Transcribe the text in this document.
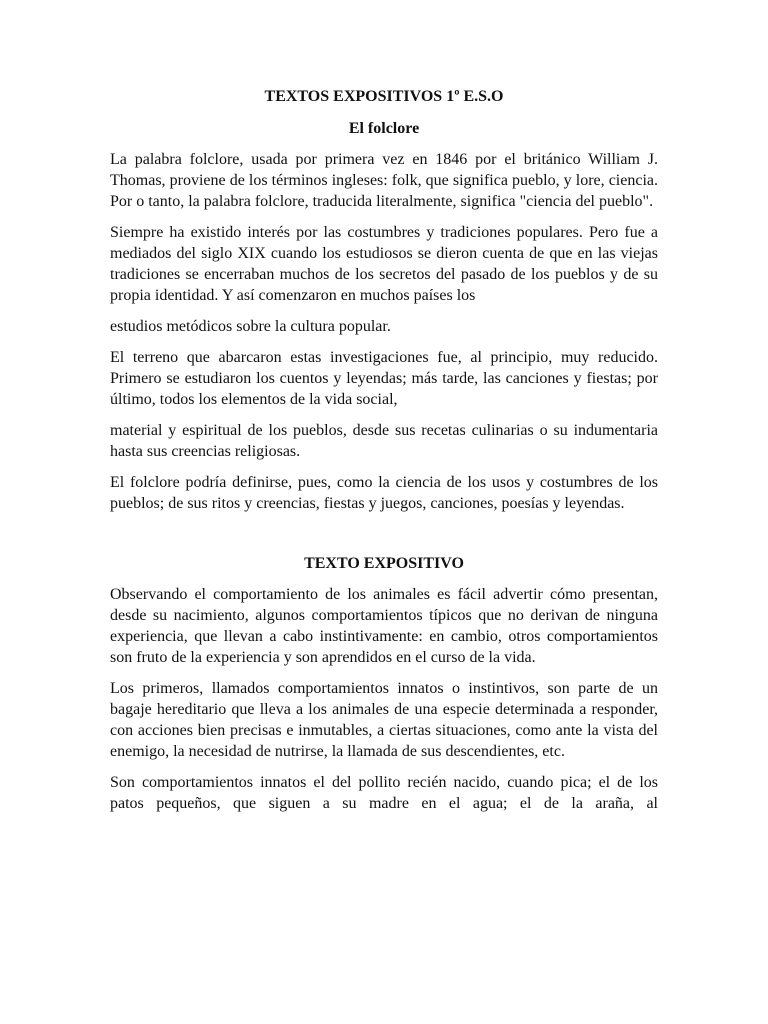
TEXTOS EXPOSITIVOS 1º E.S.O

El folclore

La palabra folclore, usada por primera vez en 1846 por el británico William J. Thomas, proviene de los términos ingleses: folk, que significa pueblo, y lore, ciencia. Por o tanto, la palabra folclore, traducida literalmente, significa "ciencia del pueblo".

Siempre ha existido interés por las costumbres y tradiciones populares. Pero fue a mediados del siglo XIX cuando los estudiosos se dieron cuenta de que en las viejas tradiciones se encerraban muchos de los secretos del pasado de los pueblos y de su propia identidad. Y así comenzaron en muchos países los

estudios metódicos sobre la cultura popular.

El terreno que abarcaron estas investigaciones fue, al principio, muy reducido. Primero se estudiaron los cuentos y leyendas; más tarde, las canciones y fiestas; por último, todos los elementos de la vida social,

material y espiritual de los pueblos, desde sus recetas culinarias o su indumentaria hasta sus creencias religiosas.

El folclore podría definirse, pues, como la ciencia de los usos y costumbres de los pueblos; de sus ritos y creencias, fiestas y juegos, canciones, poesías y leyendas.

TEXTO EXPOSITIVO

Observando el comportamiento de los animales es fácil advertir cómo presentan, desde su nacimiento, algunos comportamientos típicos que no derivan de ninguna experiencia, que llevan a cabo instintivamente: en cambio, otros comportamientos son fruto de la experiencia y son aprendidos en el curso de la vida.

Los primeros, llamados comportamientos innatos o instintivos, son parte de un bagaje hereditario que lleva a los animales de una especie determinada a responder, con acciones bien precisas e inmutables, a ciertas situaciones, como ante la vista del enemigo, la necesidad de nutrirse, la llamada de sus descendientes, etc.

Son comportamientos innatos el del pollito recién nacido, cuando pica; el de los patos pequeños, que siguen a su madre en el agua; el de la araña, al
